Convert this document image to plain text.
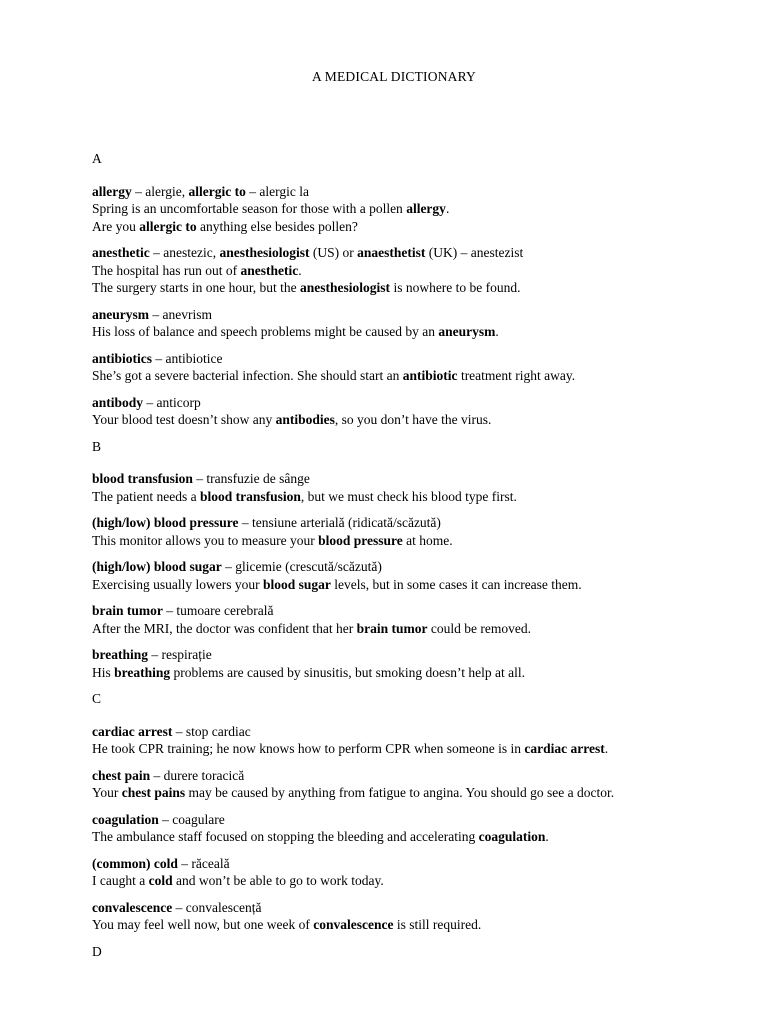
A MEDICAL DICTIONARY
A
allergy – alergie, allergic to – alergic la
Spring is an uncomfortable season for those with a pollen allergy.
Are you allergic to anything else besides pollen?
anesthetic – anestezic, anesthesiologist (US) or anaesthetist (UK) – anestezist
The hospital has run out of anesthetic.
The surgery starts in one hour, but the anesthesiologist is nowhere to be found.
aneurysm – anevrism
His loss of balance and speech problems might be caused by an aneurysm.
antibiotics – antibiotice
She’s got a severe bacterial infection. She should start an antibiotic treatment right away.
antibody – anticorp
Your blood test doesn’t show any antibodies, so you don’t have the virus.
B
blood transfusion – transfuzie de sânge
The patient needs a blood transfusion, but we must check his blood type first.
(high/low) blood pressure – tensiune arterială (ridicată/scăzută)
This monitor allows you to measure your blood pressure at home.
(high/low) blood sugar – glicemie (crescută/scăzută)
Exercising usually lowers your blood sugar levels, but in some cases it can increase them.
brain tumor – tumoare cerebrală
After the MRI, the doctor was confident that her brain tumor could be removed.
breathing – respirație
His breathing problems are caused by sinusitis, but smoking doesn’t help at all.
C
cardiac arrest – stop cardiac
He took CPR training; he now knows how to perform CPR when someone is in cardiac arrest.
chest pain – durere toracică
Your chest pains may be caused by anything from fatigue to angina. You should go see a doctor.
coagulation – coagulare
The ambulance staff focused on stopping the bleeding and accelerating coagulation.
(common) cold – răceală
I caught a cold and won’t be able to go to work today.
convalescence – convalescență
You may feel well now, but one week of convalescence is still required.
D
